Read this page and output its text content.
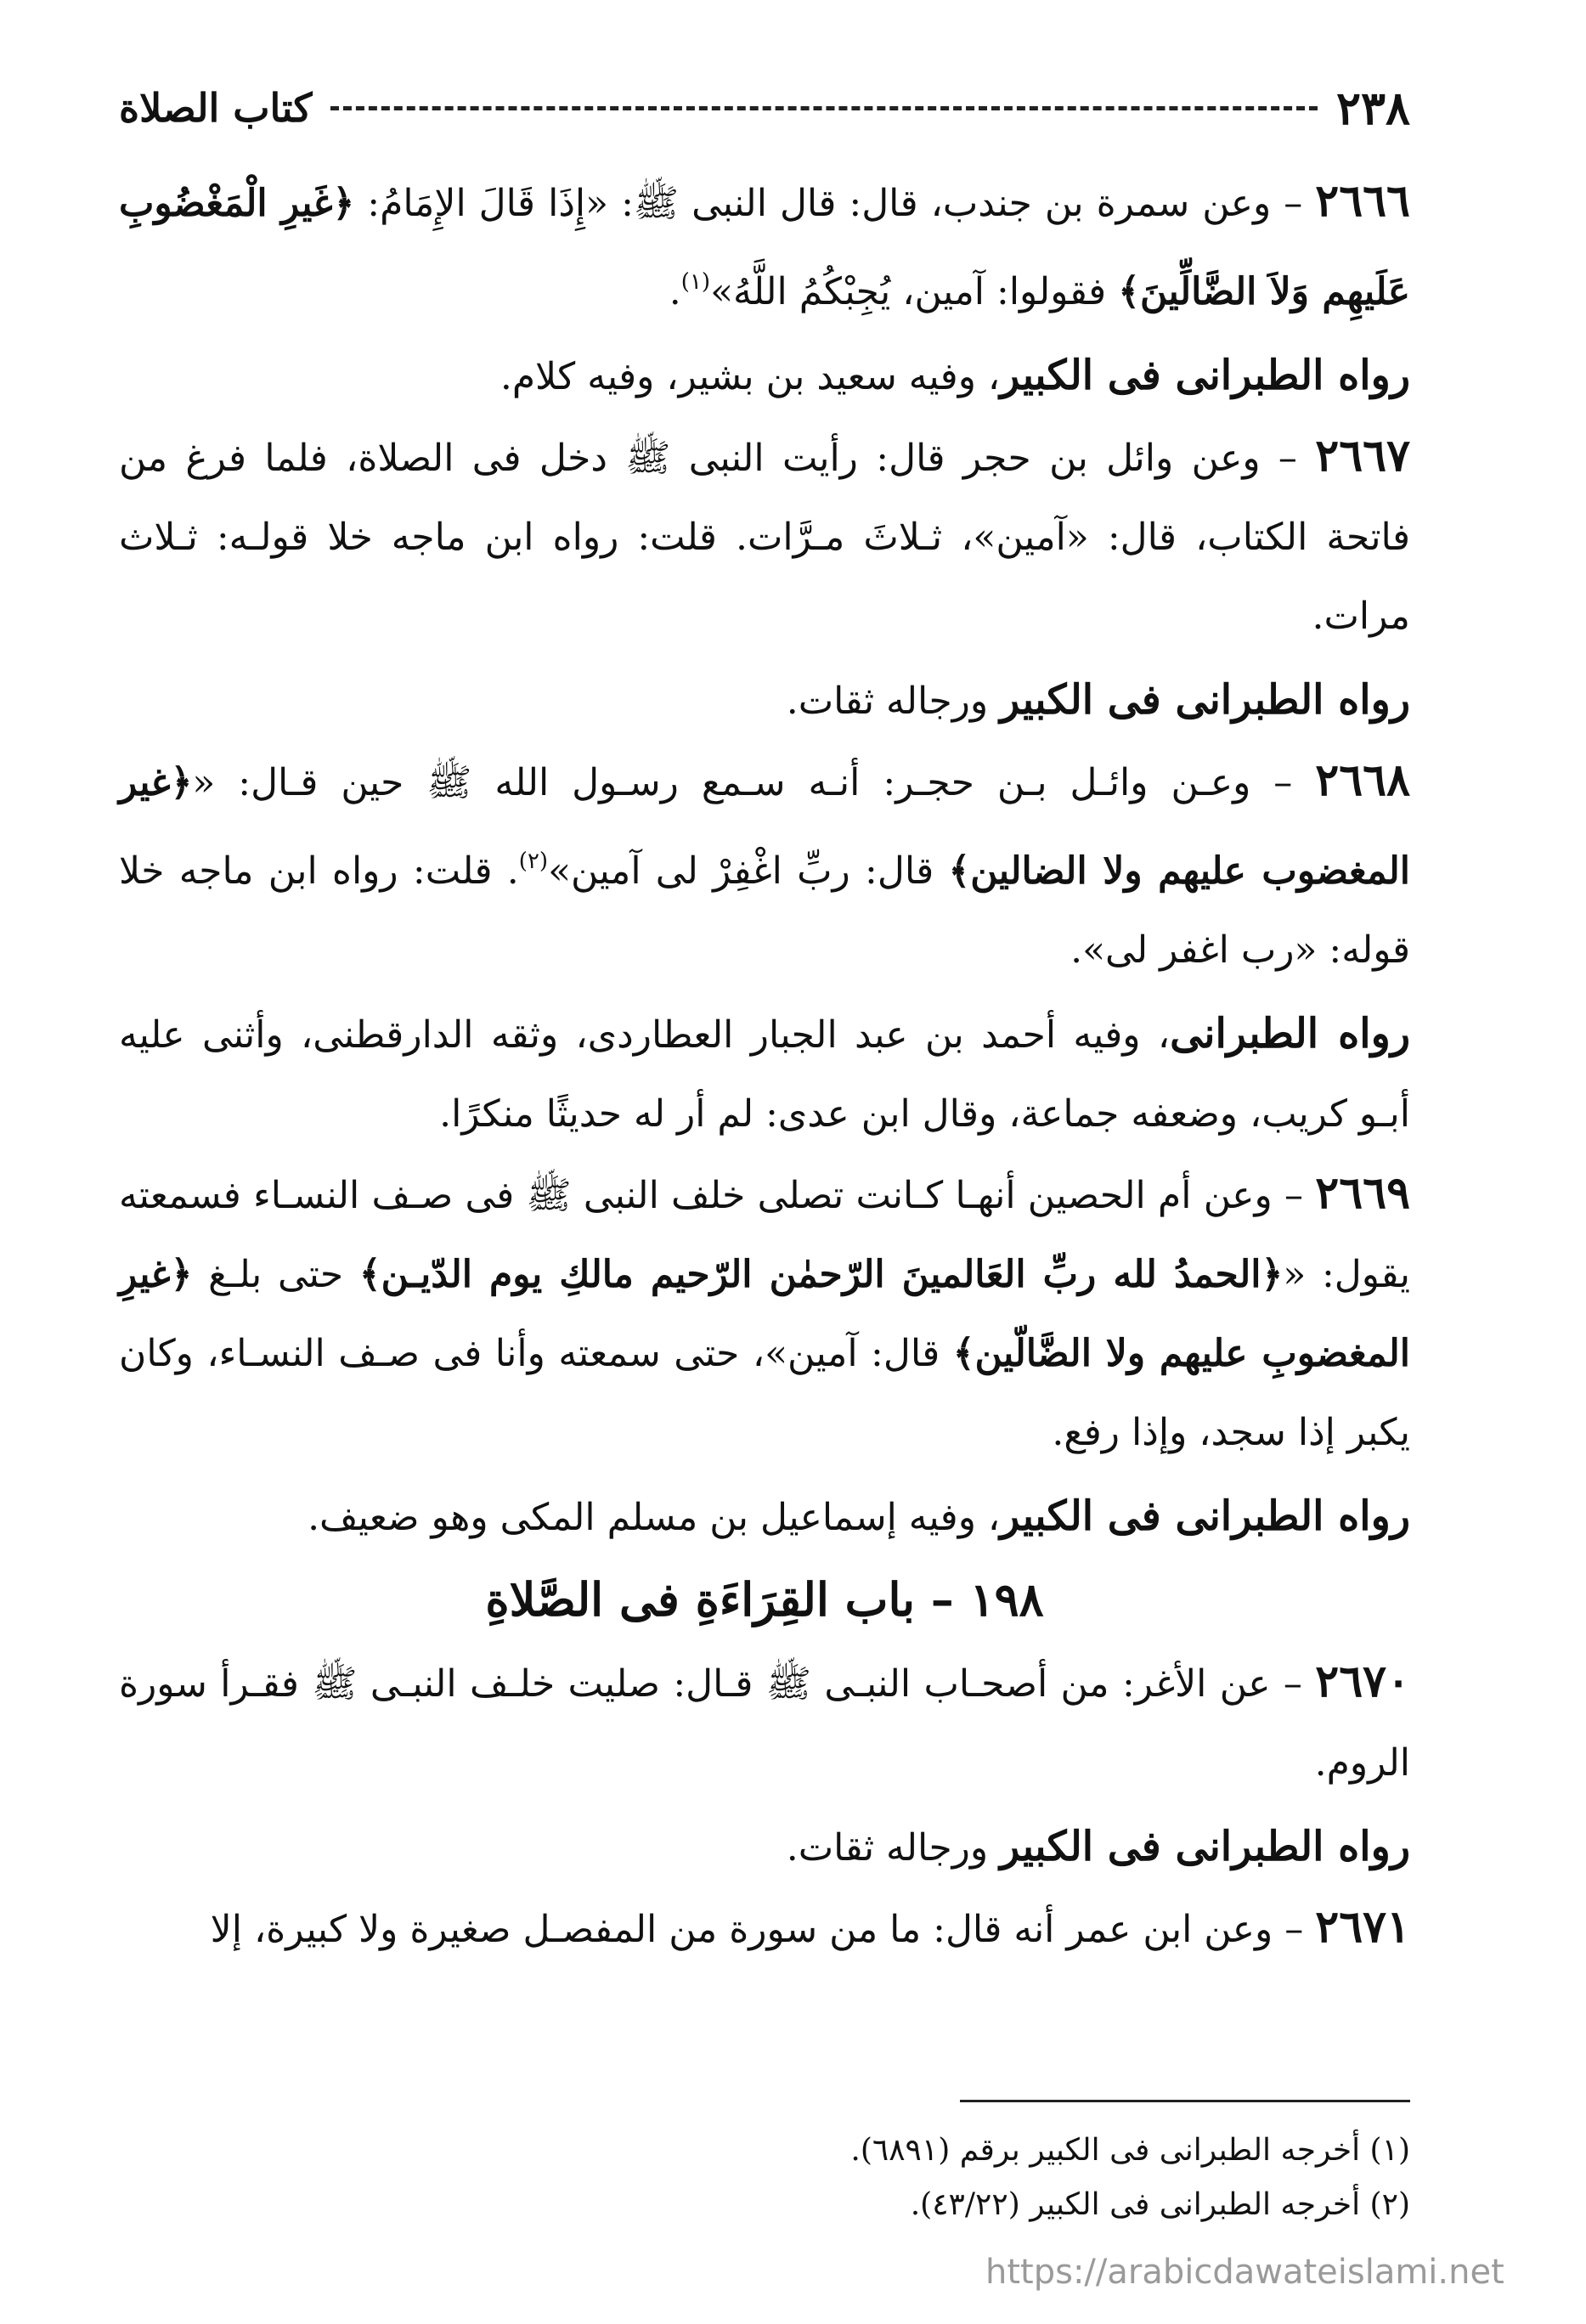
٢٣٨
كتاب الصلاة

٢٦٦٦ – وعن سمرة بن جندب، قال: قال النبى ﷺ: «إِذَا قَالَ الإِمَامُ: ﴿غَيرِ الْمَغْضُوبِ عَلَيهِم وَلاَ الضَّالِّينَ﴾ فقولوا: آمين، يُجِبْكُمُ اللَّهُ»$^{(١)}$.

رواه الطبرانى فى الكبير، وفيه سعيد بن بشير، وفيه كلام.

٢٦٦٧ – وعن وائل بن حجر قال: رأيت النبى ﷺ دخل فى الصلاة، فلما فرغ من فاتحة الكتاب، قال: «آمين»، ثـلاثَ مـرَّات. قلت: رواه ابن ماجه خلا قولـه: ثـلاث مرات.

رواه الطبرانى فى الكبير ورجاله ثقات.

٢٦٦٨ – وعـن وائـل بـن حجـر: أنـه سـمع رسـول الله ﷺ حين قـال: «﴿غير المغضوب عليهم ولا الضالين﴾ قال: ربِّ اغْفِرْ لى آمين»$^{(٢)}$. قلت: رواه ابن ماجه خلا قوله: «رب اغفر لى».

رواه الطبرانى، وفيه أحمد بن عبد الجبار العطاردى، وثقه الدارقطنى، وأثنى عليه أبـو كريب، وضعفه جماعة، وقال ابن عدى: لم أر له حديثًا منكرًا.

٢٦٦٩ – وعن أم الحصين أنهـا كـانت تصلى خلف النبى ﷺ فى صـف النسـاء فسمعته يقول: «﴿الحمدُ لله ربِّ العَالمينَ الرّحمٰن الرّحيم مالكِ يوم الدّيـن﴾ حتى بلـغ ﴿غيرِ المغضوبِ عليهم ولا الضَّالّين﴾ قال: آمين»، حتى سمعته وأنا فى صـف النسـاء، وكان يكبر إذا سجد، وإذا رفع.

رواه الطبرانى فى الكبير، وفيه إسماعيل بن مسلم المكى وهو ضعيف.

١٩٨ – باب القِرَاءَةِ فى الصَّلاةِ

٢٦٧٠ – عن الأغر: من أصحـاب النبـى ﷺ قـال: صليت خلـف النبـى ﷺ فقـرأ سورة الروم.

رواه الطبرانى فى الكبير ورجاله ثقات.

٢٦٧١ – وعن ابن عمر أنه قال: ما من سورة من المفصـل صغيرة ولا كبيرة، إلا

(١) أخرجه الطبرانى فى الكبير برقم (٦٨٩١).

(٢) أخرجه الطبرانى فى الكبير (٤٣/٢٢).

https://arabicdawateislami.net
